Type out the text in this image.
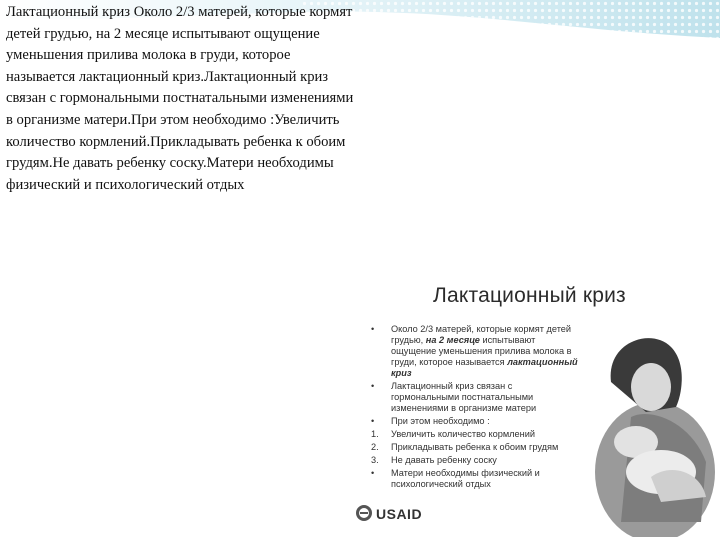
Лактационный криз Около 2/3 матерей, которые кормят детей грудью, на 2 месяце испытывают ощущение уменьшения прилива молока в груди, которое называется лактационный криз.Лактационный криз связан с гормональными постнатальными изменениями в организме матери.При этом необходимо :Увеличить количество кормлений.Прикладывать ребенка к обоим грудям.Не давать ребенку соску.Матери необходимы физический и психологический отдых

Лактационный криз
•	Около 2/3 матерей, которые кормят детей грудью, на 2 месяце испытывают ощущение уменьшения прилива молока в груди, которое называется лактационный криз
•	Лактационный криз связан с гормональными постнатальными изменениями в организме матери
•	При этом необходимо :
1.	Увеличить количество кормлений
2.	Прикладывать ребенка к обоим грудям
3.	Не давать ребенку соску
•	Матери необходимы физический и психологический отдых
USAID
